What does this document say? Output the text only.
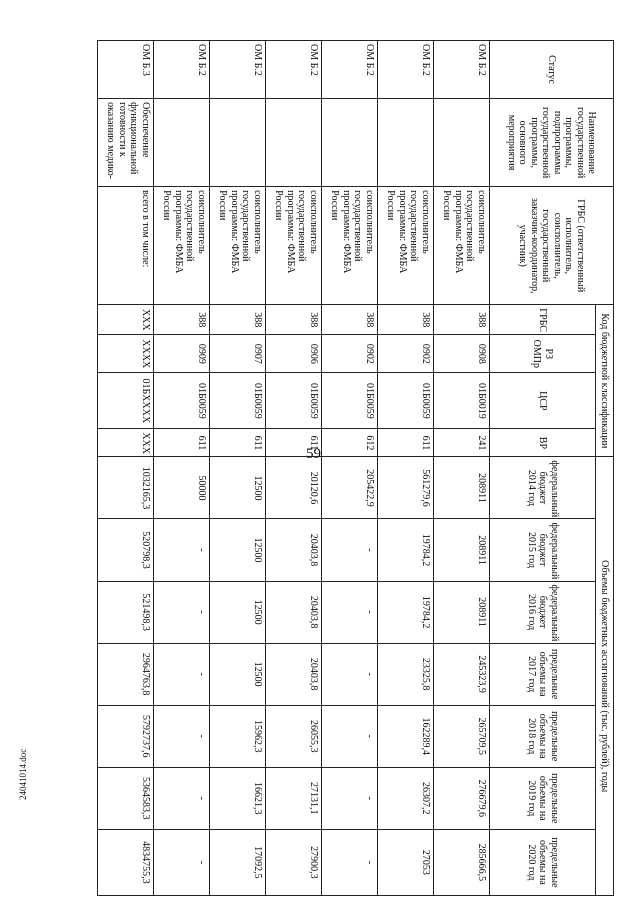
59
Статус	Наименование государственной программы, подпрограммы государственной программы, основного мероприятия	ГРБС (ответственный исполнитель, соисполнитель, государственный заказчик-координатор, участник)	Код бюджетной классификации				Объемы бюджетных ассигнований (тыс. рублей), годы						
			ГРБС	РЗ ОМПр	ЦСР	ВР	федеральный бюджет 2014 год	федеральный бюджет 2015 год	федеральный бюджет 2016 год	предельные объемы на 2017 год	предельные объемы на 2018 год	предельные объемы на 2019 год	предельные объемы на 2020 год
ОМ Б.2		соисполнитель государственной программы: ФМБА России	388	0908	01Б0019	241	208911	208911	208911	245323,9	265709,5	276679,6	285666,5
ОМ Б.2		соисполнитель государственной программы: ФМБА России	388	0902	01Б0059	611	561279,6	19784,2	19784,2	23325,8	162289,4	26307,2	27053
ОМ Б.2		соисполнитель государственной программы: ФМБА России	388	0902	01Б0059	612	205422,9	-	-	-	-	-	-
ОМ Б.2		соисполнитель государственной программы: ФМБА России	388	0906	01Б0059	611	20120,6	20403,8	20403,8	20403,8	26055,3	27131,1	27900,3
ОМ Б.2		соисполнитель государственной программы: ФМБА России	388	0907	01Б0059	611	12500	12500	12500	12500	15962,3	16621,3	17092,5
ОМ Б.2		соисполнитель государственной программы: ФМБА России	388	0909	01Б0059	611	50000	-	-	-	-	-	-
ОМ Б.3	Обеспечение функциональной готовности к оказанию медико-	всего в том числе:	XXX	XXXX	01БXXXX	XXX	1032165,3	520798,3	521498,3	2964763,8	5792737,6	5364583,3	4834755,3
24041014.doc
